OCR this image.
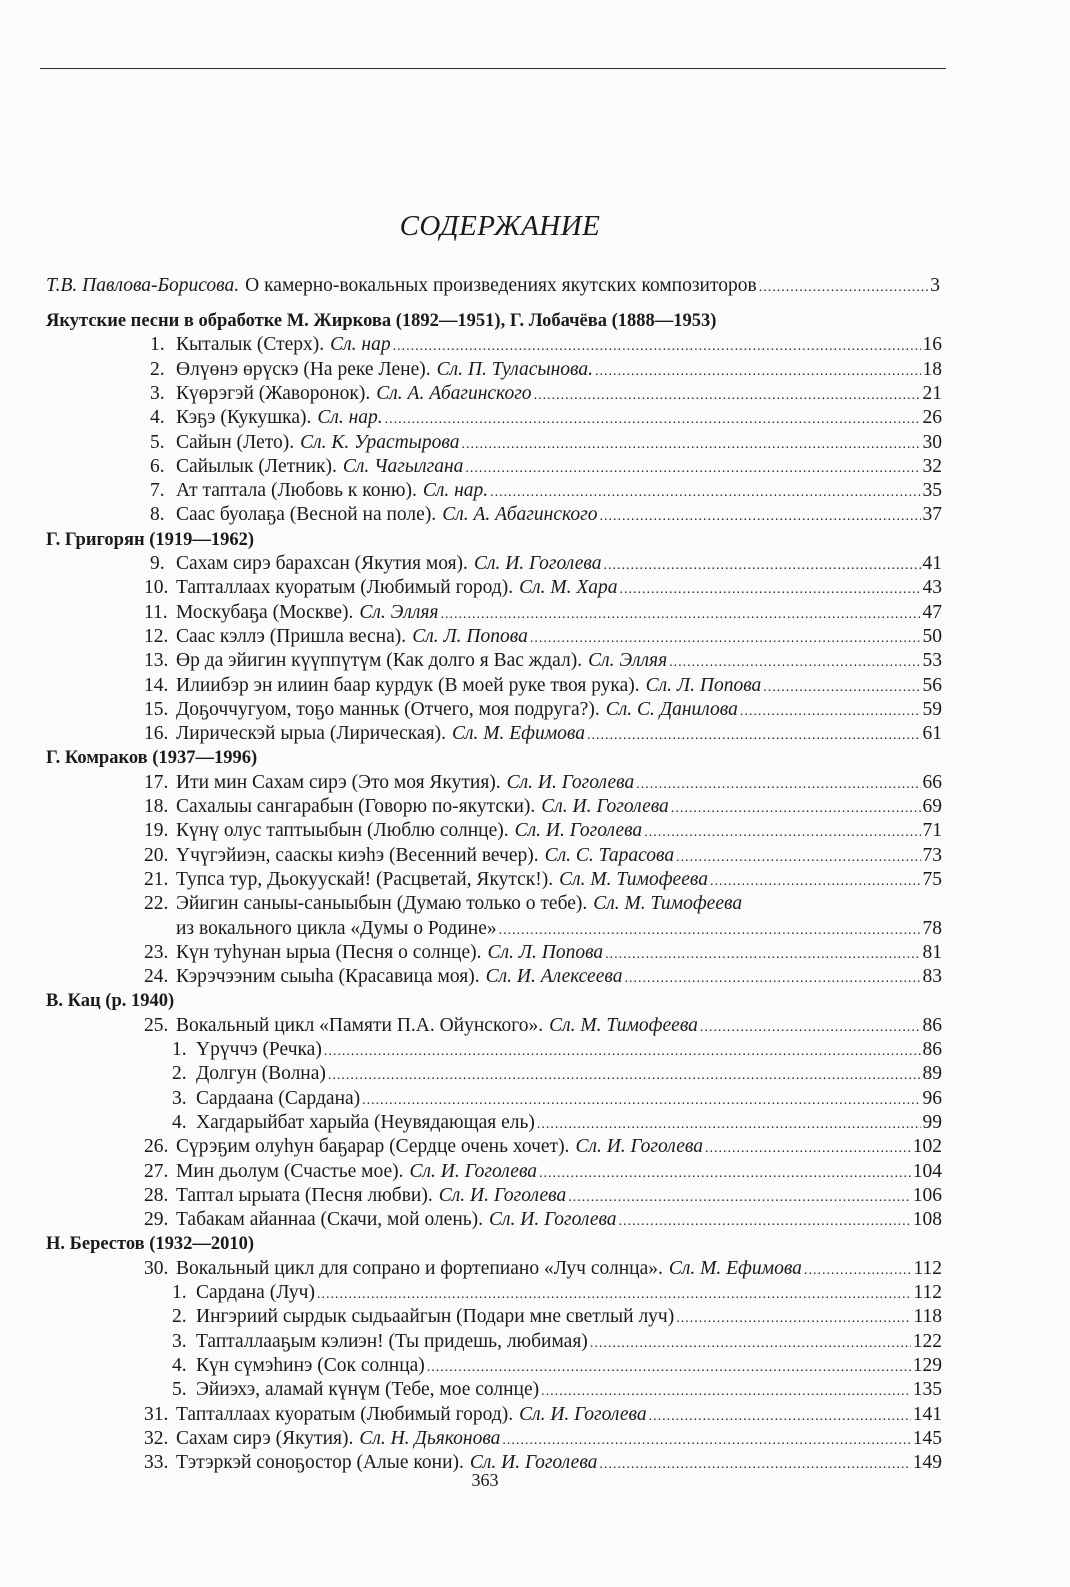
СОДЕРЖАНИЕ
Т.В. Павлова-Борисова. О камерно-вокальных произведениях якутских композиторов .....	3
Якутские песни в обработке М. Жиркова (1892—1951), Г. Лобачёва (1888—1953)
1. Кыталык (Стерх). Сл. нар .....	16
2. Өлүөнэ өрүскэ (На реке Лене). Сл. П. Туласынова. .....	18
3. Күөрэгэй (Жаворонок). Сл. А. Абагинского .....	21
4. Кэҕэ (Кукушка). Сл. нар. .....	26
5. Сайын (Лето). Сл. К. Урастырова .....	30
6. Сайылык (Летник). Сл. Чагылгана .....	32
7. Ат таптала (Любовь к коню). Сл. нар. .....	35
8. Саас буолаҕа (Весной на поле). Сл. А. Абагинского .....	37
Г. Григорян (1919—1962)
9. Сахам сирэ барахсан (Якутия моя). Сл. И. Гоголева .....	41
10. Тапталлаах куоратым (Любимый город). Сл. М. Хара .....	43
11. Москубаҕа (Москве). Сл. Элляя .....	47
12. Саас кэллэ (Пришла весна). Сл. Л. Попова .....	50
13. Өр да эйигин күүппүтүм (Как долго я Вас ждал). Сл. Элляя .....	53
14. Илиибэр эн илиин баар курдук (В моей руке твоя рука). Сл. Л. Попова .....	56
15. Доҕоччугуом, тоҕо манньк (Отчего, моя подруга?). Сл. С. Данилова .....	59
16. Лирическэй ырыа (Лирическая). Сл. М. Ефимова .....	61
Г. Комраков (1937—1996)
17. Ити мин Сахам сирэ (Это моя Якутия). Сл. И. Гоголева .....	66
18. Сахалыы сангарабын (Говорю по-якутски). Сл. И. Гоголева .....	69
19. Күнү олус таптыыбын (Люблю солнце). Сл. И. Гоголева .....	71
20. Үчүгэйиэн, сааскы киэһэ (Весенний вечер). Сл. С. Тарасова .....	73
21. Тупса тур, Дьокуускай! (Расцветай, Якутск!). Сл. М. Тимофеева .....	75
22. Эйигин саныы-саныыбын (Думаю только о тебе). Сл. М. Тимофеева
из вокального цикла «Думы о Родине» .....	78
23. Күн туһунан ырыа (Песня о солнце). Сл. Л. Попова .....	81
24. Кэрэчээним сыыһа (Красавица моя). Сл. И. Алексеева .....	83
В. Кац (р. 1940)
25. Вокальный цикл «Памяти П.А. Ойунского». Сл. М. Тимофеева .....	86
1. Үрүччэ (Речка) .....	86
2. Долгун (Волна) .....	89
3. Сардаана (Сардана) .....	96
4. Хагдарыйбат харыйа (Неувядающая ель) .....	99
26. Сүрэҕим олуһун баҕарар (Сердце очень хочет). Сл. И. Гоголева .....	102
27. Мин дьолум (Счастье мое). Сл. И. Гоголева .....	104
28. Таптал ырыата (Песня любви). Сл. И. Гоголева .....	106
29. Табакам айаннаа (Скачи, мой олень). Сл. И. Гоголева .....	108
Н. Берестов (1932—2010)
30. Вокальный цикл для сопрано и фортепиано «Луч солнца». Сл. М. Ефимова .....	112
1. Сардана (Луч) .....	112
2. Ингэриий сырдык сыдьаайгын (Подари мне светлый луч) .....	118
3. Тапталлааҕым кэлиэн! (Ты придешь, любимая) .....	122
4. Күн сүмэһинэ (Сок солнца) .....	129
5. Эйиэхэ, аламай күнүм (Тебе, мое солнце) .....	135
31. Тапталлаах куоратым (Любимый город). Сл. И. Гоголева .....	141
32. Сахам сирэ (Якутия). Сл. Н. Дьяконова .....	145
33. Тэтэркэй соноҕостор (Алые кони). Сл. И. Гоголева .....	149
363
